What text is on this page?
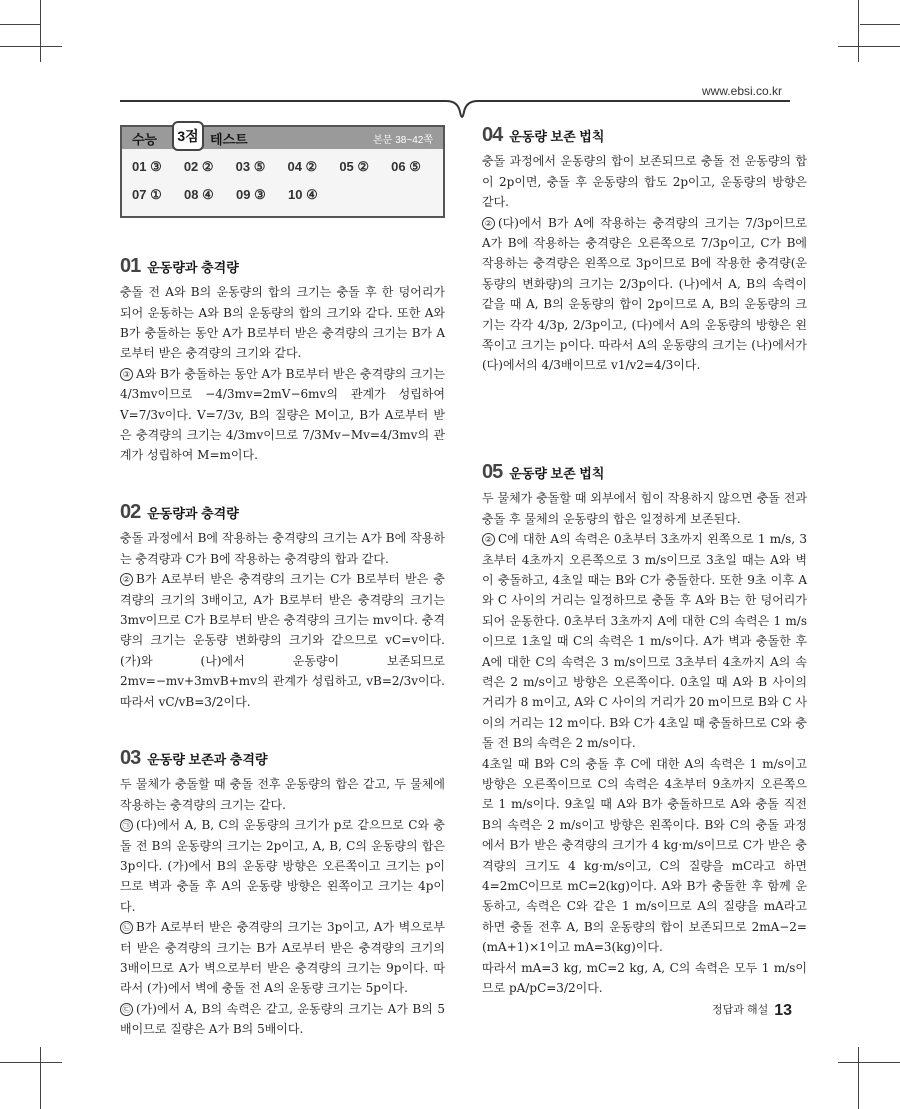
www.ebsi.co.kr
수능	3점 테스트	본문 38~42쪽
01 ③	02 ②	03 ⑤	04 ②	05 ②	06 ⑤
07 ①	08 ④	09 ③	10 ④
01 운동량과 충격량

충돌 전 A와 B의 운동량의 합의 크기는 충돌 후 한 덩어리가 되어 운동하는 A와 B의 운동량의 합의 크기와 같다. 또한 A와 B가 충돌하는 동안 A가 B로부터 받은 충격량의 크기는 B가 A로부터 받은 충격량의 크기와 같다.

③ A와 B가 충돌하는 동안 A가 B로부터 받은 충격량의 크기는 4/3mv이므로 −4/3mv=2mV−6mv의 관계가 성립하여 V=7/3v이다. V=7/3v, B의 질량은 M이고, B가 A로부터 받은 충격량의 크기는 4/3mv이므로 7/3Mv−Mv=4/3mv의 관계가 성립하여 M=m이다.

02 운동량과 충격량

충돌 과정에서 B에 작용하는 충격량의 크기는 A가 B에 작용하는 충격량과 C가 B에 작용하는 충격량의 합과 같다.

② B가 A로부터 받은 충격량의 크기는 C가 B로부터 받은 충격량의 크기의 3배이고, A가 B로부터 받은 충격량의 크기는 3mv이므로 C가 B로부터 받은 충격량의 크기는 mv이다. 충격량의 크기는 운동량 변화량의 크기와 같으므로 vC=v이다. (가)와 (나)에서 운동량이 보존되므로 2mv=−mv+3mvB+mv의 관계가 성립하고, vB=2/3v이다. 따라서 vC/vB=3/2이다.

03 운동량 보존과 충격량

두 물체가 충돌할 때 충돌 전후 운동량의 합은 같고, 두 물체에 작용하는 충격량의 크기는 같다.

㉠ (다)에서 A, B, C의 운동량의 크기가 p로 같으므로 C와 충돌 전 B의 운동량의 크기는 2p이고, A, B, C의 운동량의 합은 3p이다. (가)에서 B의 운동량 방향은 오른쪽이고 크기는 p이므로 벽과 충돌 후 A의 운동량 방향은 왼쪽이고 크기는 4p이다.

㉡ B가 A로부터 받은 충격량의 크기는 3p이고, A가 벽으로부터 받은 충격량의 크기는 B가 A로부터 받은 충격량의 크기의 3배이므로 A가 벽으로부터 받은 충격량의 크기는 9p이다. 따라서 (가)에서 벽에 충돌 전 A의 운동량 크기는 5p이다.

㉢ (가)에서 A, B의 속력은 같고, 운동량의 크기는 A가 B의 5배이므로 질량은 A가 B의 5배이다.

04 운동량 보존 법칙

충돌 과정에서 운동량의 합이 보존되므로 충돌 전 운동량의 합이 2p이면, 충돌 후 운동량의 합도 2p이고, 운동량의 방향은 같다.

② (다)에서 B가 A에 작용하는 충격량의 크기는 7/3p이므로 A가 B에 작용하는 충격량은 오른쪽으로 7/3p이고, C가 B에 작용하는 충격량은 왼쪽으로 3p이므로 B에 작용한 충격량(운동량의 변화량)의 크기는 2/3p이다. (나)에서 A, B의 속력이 같을 때 A, B의 운동량의 합이 2p이므로 A, B의 운동량의 크기는 각각 4/3p, 2/3p이고, (다)에서 A의 운동량의 방향은 왼쪽이고 크기는 p이다. 따라서 A의 운동량의 크기는 (나)에서가 (다)에서의 4/3배이므로 v1/v2=4/3이다.

05 운동량 보존 법칙

두 물체가 충돌할 때 외부에서 힘이 작용하지 않으면 충돌 전과 충돌 후 물체의 운동량의 합은 일정하게 보존된다.

② C에 대한 A의 속력은 0초부터 3초까지 왼쪽으로 1 m/s, 3초부터 4초까지 오른쪽으로 3 m/s이므로 3초일 때는 A와 벽이 충돌하고, 4초일 때는 B와 C가 충돌한다. 또한 9초 이후 A와 C 사이의 거리는 일정하므로 충돌 후 A와 B는 한 덩어리가 되어 운동한다. 0초부터 3초까지 A에 대한 C의 속력은 1 m/s이므로 1초일 때 C의 속력은 1 m/s이다. A가 벽과 충돌한 후 A에 대한 C의 속력은 3 m/s이므로 3초부터 4초까지 A의 속력은 2 m/s이고 방향은 오른쪽이다. 0초일 때 A와 B 사이의 거리가 8 m이고, A와 C 사이의 거리가 20 m이므로 B와 C 사이의 거리는 12 m이다. B와 C가 4초일 때 충돌하므로 C와 충돌 전 B의 속력은 2 m/s이다.

4초일 때 B와 C의 충돌 후 C에 대한 A의 속력은 1 m/s이고 방향은 오른쪽이므로 C의 속력은 4초부터 9초까지 오른쪽으로 1 m/s이다. 9초일 때 A와 B가 충돌하므로 A와 충돌 직전 B의 속력은 2 m/s이고 방향은 왼쪽이다. B와 C의 충돌 과정에서 B가 받은 충격량의 크기가 4 kg·m/s이므로 C가 받은 충격량의 크기도 4 kg·m/s이고, C의 질량을 mC라고 하면 4=2mC이므로 mC=2(kg)이다. A와 B가 충돌한 후 함께 운동하고, 속력은 C와 같은 1 m/s이므로 A의 질량을 mA라고 하면 충돌 전후 A, B의 운동량의 합이 보존되므로 2mA−2=(mA+1)×1이고 mA=3(kg)이다.

따라서 mA=3 kg, mC=2 kg, A, C의 속력은 모두 1 m/s이므로 pA/pC=3/2이다.

정답과 해설 13
